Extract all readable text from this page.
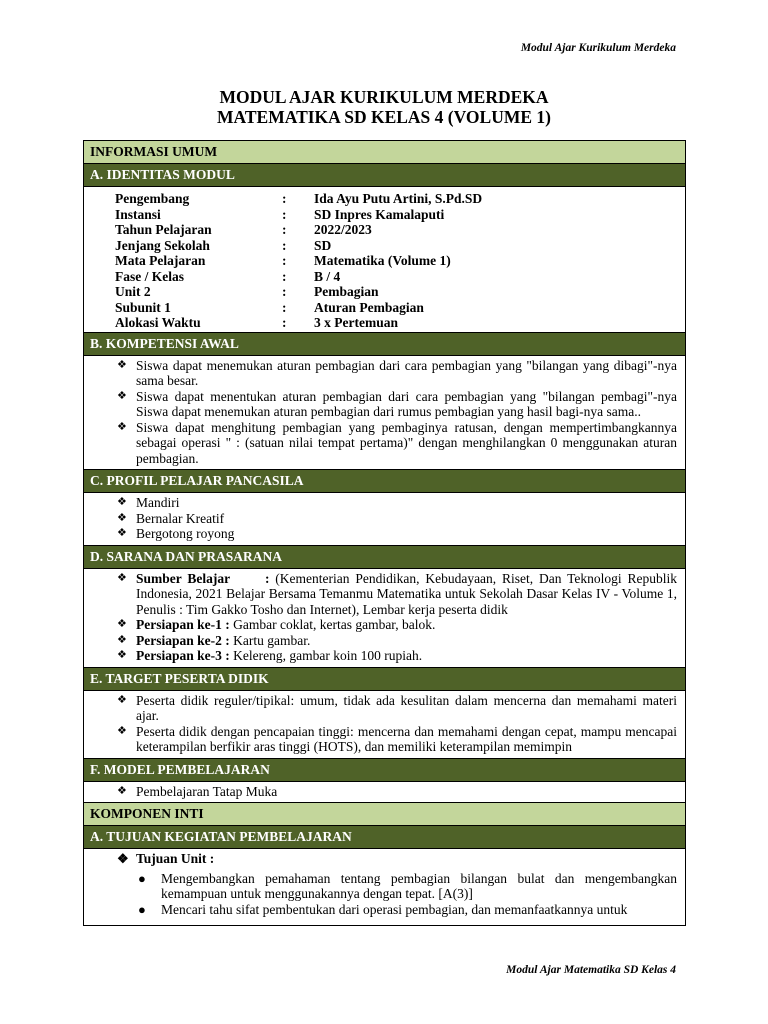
Modul Ajar Kurikulum Merdeka
MODUL AJAR KURIKULUM MERDEKA
MATEMATIKA SD KELAS 4 (VOLUME 1)
INFORMASI UMUM
A. IDENTITAS MODUL
Pengembang	:	Ida Ayu Putu Artini, S.Pd.SD
Instansi	:	SD Inpres Kamalaputi
Tahun Pelajaran	:	2022/2023
Jenjang Sekolah	:	SD
Mata Pelajaran	:	Matematika (Volume 1)
Fase / Kelas	:	B / 4
Unit 2	:	Pembagian
Subunit 1	:	Aturan Pembagian
Alokasi Waktu	:	3 x Pertemuan
B. KOMPETENSI AWAL
❖ Siswa dapat menemukan aturan pembagian dari cara pembagian yang "bilangan yang dibagi"-nya sama besar.
❖ Siswa dapat menentukan aturan pembagian dari cara pembagian yang "bilangan pembagi"-nya Siswa dapat menemukan aturan pembagian dari rumus pembagian yang hasil bagi-nya sama..
❖ Siswa dapat menghitung pembagian yang pembaginya ratusan, dengan mempertimbangkannya sebagai operasi " : (satuan nilai tempat pertama)" dengan menghilangkan 0 menggunakan aturan pembagian.
C. PROFIL PELAJAR PANCASILA
❖ Mandiri
❖ Bernalar Kreatif
❖ Bergotong royong
D. SARANA DAN PRASARANA
❖ Sumber Belajar      : (Kementerian Pendidikan, Kebudayaan, Riset, Dan Teknologi Republik Indonesia, 2021 Belajar Bersama Temanmu Matematika untuk Sekolah Dasar Kelas IV - Volume 1, Penulis : Tim Gakko Tosho dan Internet), Lembar kerja peserta didik
❖ Persiapan ke-1 : Gambar coklat, kertas gambar, balok.
❖ Persiapan ke-2 : Kartu gambar.
❖ Persiapan ke-3 : Kelereng, gambar koin 100 rupiah.
E. TARGET PESERTA DIDIK
❖ Peserta didik reguler/tipikal: umum, tidak ada kesulitan dalam mencerna dan memahami materi ajar.
❖ Peserta didik dengan pencapaian tinggi: mencerna dan memahami dengan cepat, mampu mencapai keterampilan berfikir aras tinggi (HOTS), dan memiliki keterampilan memimpin
F. MODEL PEMBELAJARAN
❖ Pembelajaran Tatap Muka
KOMPONEN INTI
A. TUJUAN KEGIATAN PEMBELAJARAN
❖ Tujuan Unit :
● Mengembangkan pemahaman tentang pembagian bilangan bulat dan mengembangkan kemampuan untuk menggunakannya dengan tepat. [A(3)]
● Mencari tahu sifat pembentukan dari operasi pembagian, dan memanfaatkannya untuk
Modul Ajar Matematika SD Kelas 4
